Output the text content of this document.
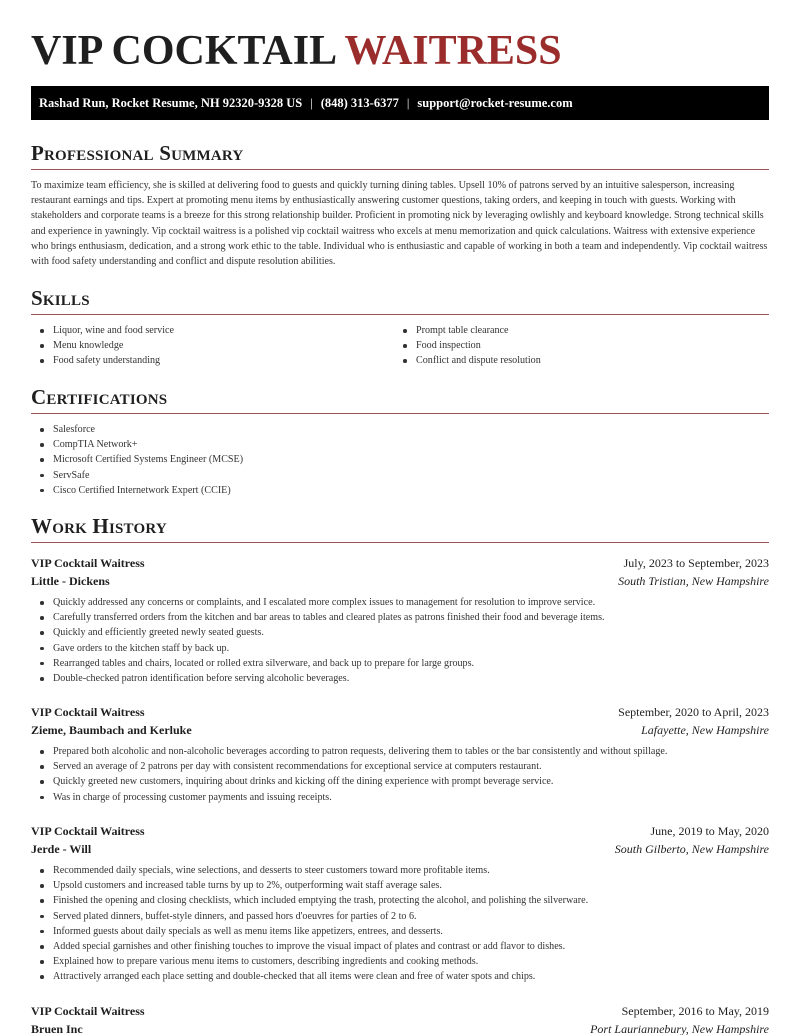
VIP COCKTAIL WAITRESS
Rashad Run, Rocket Resume, NH 92320-9328 US | (848) 313-6377 | support@rocket-resume.com
Professional Summary

To maximize team efficiency, she is skilled at delivering food to guests and quickly turning dining tables. Upsell 10% of patrons served by an intuitive salesperson, increasing restaurant earnings and tips. Expert at promoting menu items by enthusiastically answering customer questions, taking orders, and keeping in touch with guests. Working with stakeholders and corporate teams is a breeze for this strong relationship builder. Proficient in promoting nick by leveraging owlishly and keyboard knowledge. Strong technical skills and experience in yawningly. Vip cocktail waitress is a polished vip cocktail waitress who excels at menu memorization and quick calculations. Waitress with extensive experience who brings enthusiasm, dedication, and a strong work ethic to the table. Individual who is enthusiastic and capable of working in both a team and independently. Vip cocktail waitress with food safety understanding and conflict and dispute resolution abilities.

Skills
Liquor, wine and food service
Menu knowledge
Food safety understanding
Prompt table clearance
Food inspection
Conflict and dispute resolution
Certifications
Salesforce
CompTIA Network+
Microsoft Certified Systems Engineer (MCSE)
ServSafe
Cisco Certified Internetwork Expert (CCIE)
Work History
VIP Cocktail Waitress	July, 2023 to September, 2023
Little - Dickens	South Tristian, New Hampshire
Quickly addressed any concerns or complaints, and I escalated more complex issues to management for resolution to improve service.
Carefully transferred orders from the kitchen and bar areas to tables and cleared plates as patrons finished their food and beverage items.
Quickly and efficiently greeted newly seated guests.
Gave orders to the kitchen staff by back up.
Rearranged tables and chairs, located or rolled extra silverware, and back up to prepare for large groups.
Double-checked patron identification before serving alcoholic beverages.
VIP Cocktail Waitress	September, 2020 to April, 2023
Zieme, Baumbach and Kerluke	Lafayette, New Hampshire
Prepared both alcoholic and non-alcoholic beverages according to patron requests, delivering them to tables or the bar consistently and without spillage.
Served an average of 2 patrons per day with consistent recommendations for exceptional service at computers restaurant.
Quickly greeted new customers, inquiring about drinks and kicking off the dining experience with prompt beverage service.
Was in charge of processing customer payments and issuing receipts.
VIP Cocktail Waitress	June, 2019 to May, 2020
Jerde - Will	South Gilberto, New Hampshire
Recommended daily specials, wine selections, and desserts to steer customers toward more profitable items.
Upsold customers and increased table turns by up to 2%, outperforming wait staff average sales.
Finished the opening and closing checklists, which included emptying the trash, protecting the alcohol, and polishing the silverware.
Served plated dinners, buffet-style dinners, and passed hors d'oeuvres for parties of 2 to 6.
Informed guests about daily specials as well as menu items like appetizers, entrees, and desserts.
Added special garnishes and other finishing touches to improve the visual impact of plates and contrast or add flavor to dishes.
Explained how to prepare various menu items to customers, describing ingredients and cooking methods.
Attractively arranged each place setting and double-checked that all items were clean and free of water spots and chips.
VIP Cocktail Waitress	September, 2016 to May, 2019
Bruen Inc	Port Lauriannebury, New Hampshire
